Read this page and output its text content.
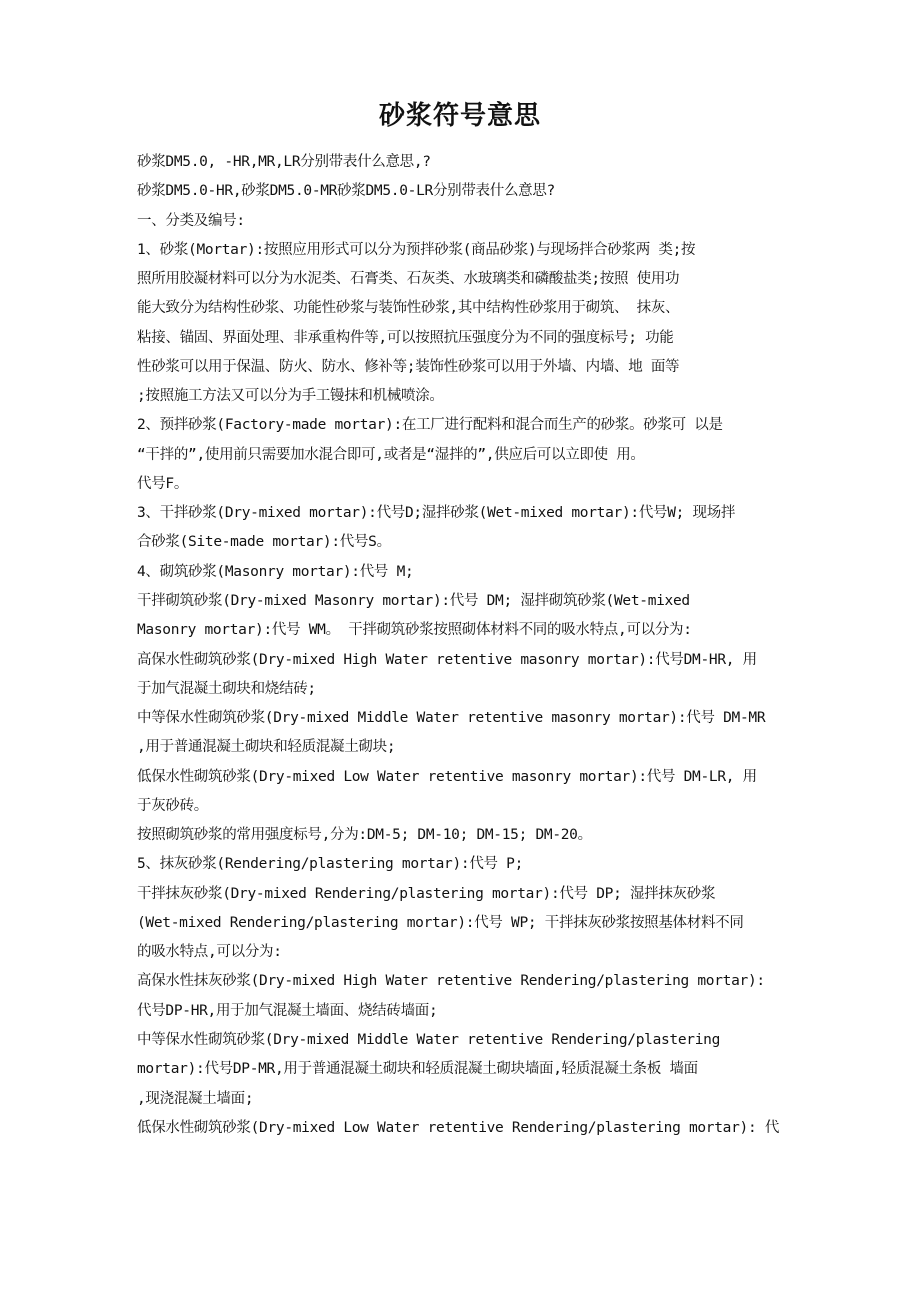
砂浆符号意思
砂浆DM5.0, -HR,MR,LR分别带表什么意思,?
砂浆DM5.0-HR,砂浆DM5.0-MR砂浆DM5.0-LR分别带表什么意思?
一、分类及编号:
1、砂浆(Mortar):按照应用形式可以分为预拌砂浆(商品砂浆)与现场拌合砂浆两 类;按
照所用胶凝材料可以分为水泥类、石膏类、石灰类、水玻璃类和磷酸盐类;按照 使用功
能大致分为结构性砂浆、功能性砂浆与装饰性砂浆,其中结构性砂浆用于砌筑、 抹灰、
粘接、锚固、界面处理、非承重构件等,可以按照抗压强度分为不同的强度标号; 功能
性砂浆可以用于保温、防火、防水、修补等;装饰性砂浆可以用于外墙、内墙、地 面等
;按照施工方法又可以分为手工镘抹和机械喷涂。
2、预拌砂浆(Factory-made mortar):在工厂进行配料和混合而生产的砂浆。砂浆可 以是
“干拌的”,使用前只需要加水混合即可,或者是“湿拌的”,供应后可以立即使 用。
代号F。
3、干拌砂浆(Dry-mixed mortar):代号D;湿拌砂浆(Wet-mixed mortar):代号W; 现场拌
合砂浆(Site-made mortar):代号S。
4、砌筑砂浆(Masonry mortar):代号 M;
干拌砌筑砂浆(Dry-mixed Masonry mortar):代号 DM; 湿拌砌筑砂浆(Wet-mixed
Masonry mortar):代号 WM。 干拌砌筑砂浆按照砌体材料不同的吸水特点,可以分为:
高保水性砌筑砂浆(Dry-mixed High Water retentive masonry mortar):代号DM-HR, 用
于加气混凝土砌块和烧结砖;
中等保水性砌筑砂浆(Dry-mixed Middle Water retentive masonry mortar):代号 DM-MR
,用于普通混凝土砌块和轻质混凝土砌块;
低保水性砌筑砂浆(Dry-mixed Low Water retentive masonry mortar):代号 DM-LR, 用
于灰砂砖。
按照砌筑砂浆的常用强度标号,分为:DM-5; DM-10; DM-15; DM-20。
5、抹灰砂浆(Rendering/plastering mortar):代号 P;
干拌抹灰砂浆(Dry-mixed Rendering/plastering mortar):代号 DP; 湿拌抹灰砂浆
(Wet-mixed Rendering/plastering mortar):代号 WP; 干拌抹灰砂浆按照基体材料不同
的吸水特点,可以分为:
高保水性抹灰砂浆(Dry-mixed High Water retentive Rendering/plastering mortar):
代号DP-HR,用于加气混凝土墙面、烧结砖墙面;
中等保水性砌筑砂浆(Dry-mixed Middle Water retentive Rendering/plastering
mortar):代号DP-MR,用于普通混凝土砌块和轻质混凝土砌块墙面,轻质混凝土条板 墙面
,现浇混凝土墙面;
低保水性砌筑砂浆(Dry-mixed Low Water retentive Rendering/plastering mortar): 代
